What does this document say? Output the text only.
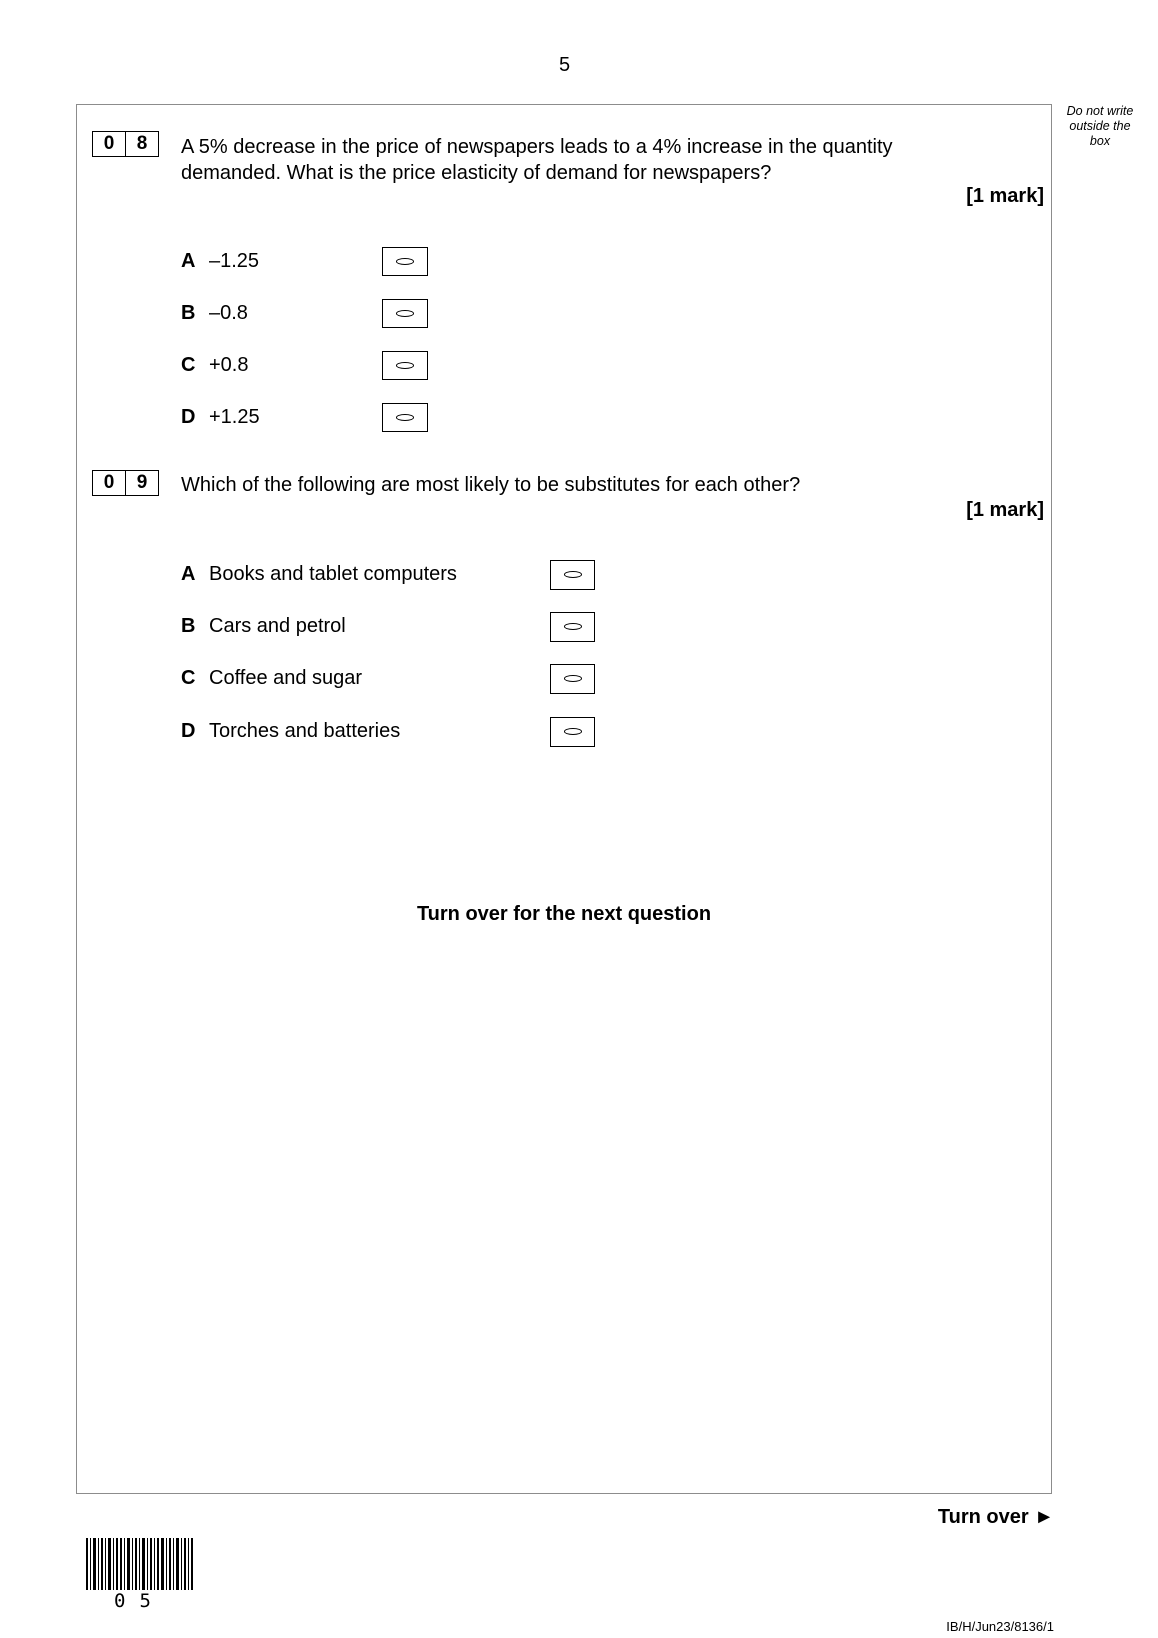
5
Do not write
outside the
box
0	8	A 5% decrease in the price of newspapers leads to a 4% increase in the quantity
demanded. What is the price elasticity of demand for newspapers?
[1 mark]
A –1.25
B –0.8
C +0.8
D +1.25
0	9	Which of the following are most likely to be substitutes for each other?
[1 mark]
A Books and tablet computers
B Cars and petrol
C Coffee and sugar
D Torches and batteries
Turn over for the next question
Turn over ►
05
IB/H/Jun23/8136/1
